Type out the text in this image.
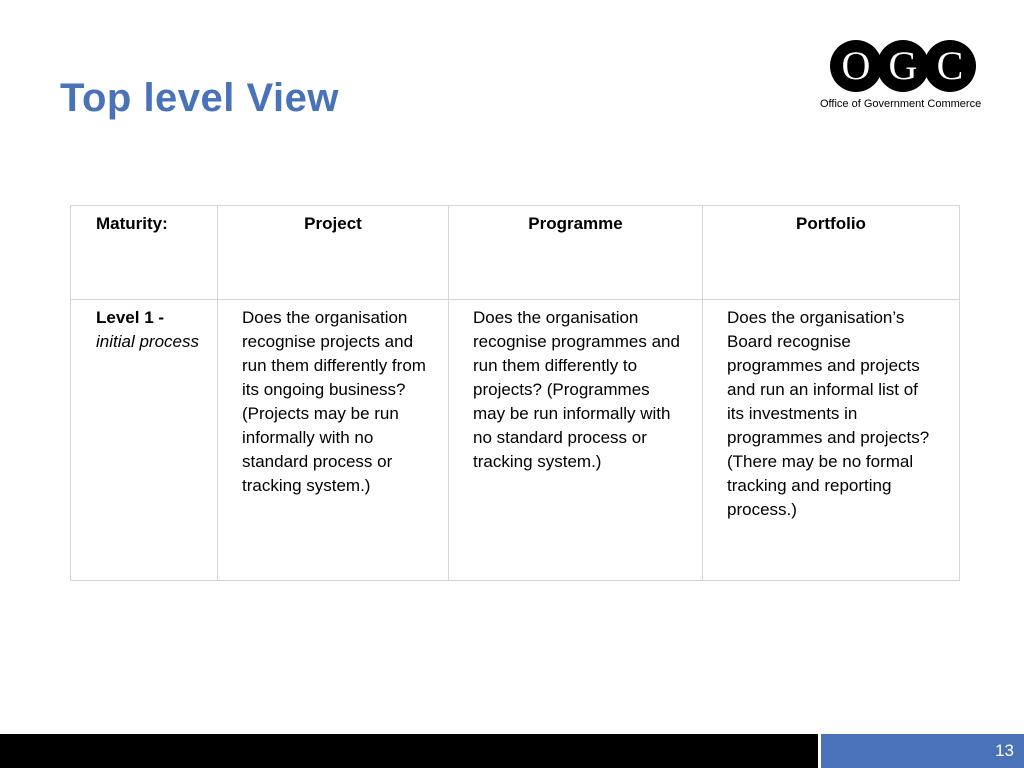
Top level View
O G C
Office of Government Commerce
Maturity:	Project	Programme	Portfolio

Level 1 -
initial process	Does the organisation recognise projects and run them differently from its ongoing business? (Projects may be run informally with no standard process or tracking system.)	Does the organisation recognise programmes and run them differently to projects? (Programmes may be run informally with no standard process or tracking system.)	Does the organisation’s Board recognise programmes and projects and run an informal list of its investments in programmes and projects? (There may be no formal tracking and reporting process.)
13
